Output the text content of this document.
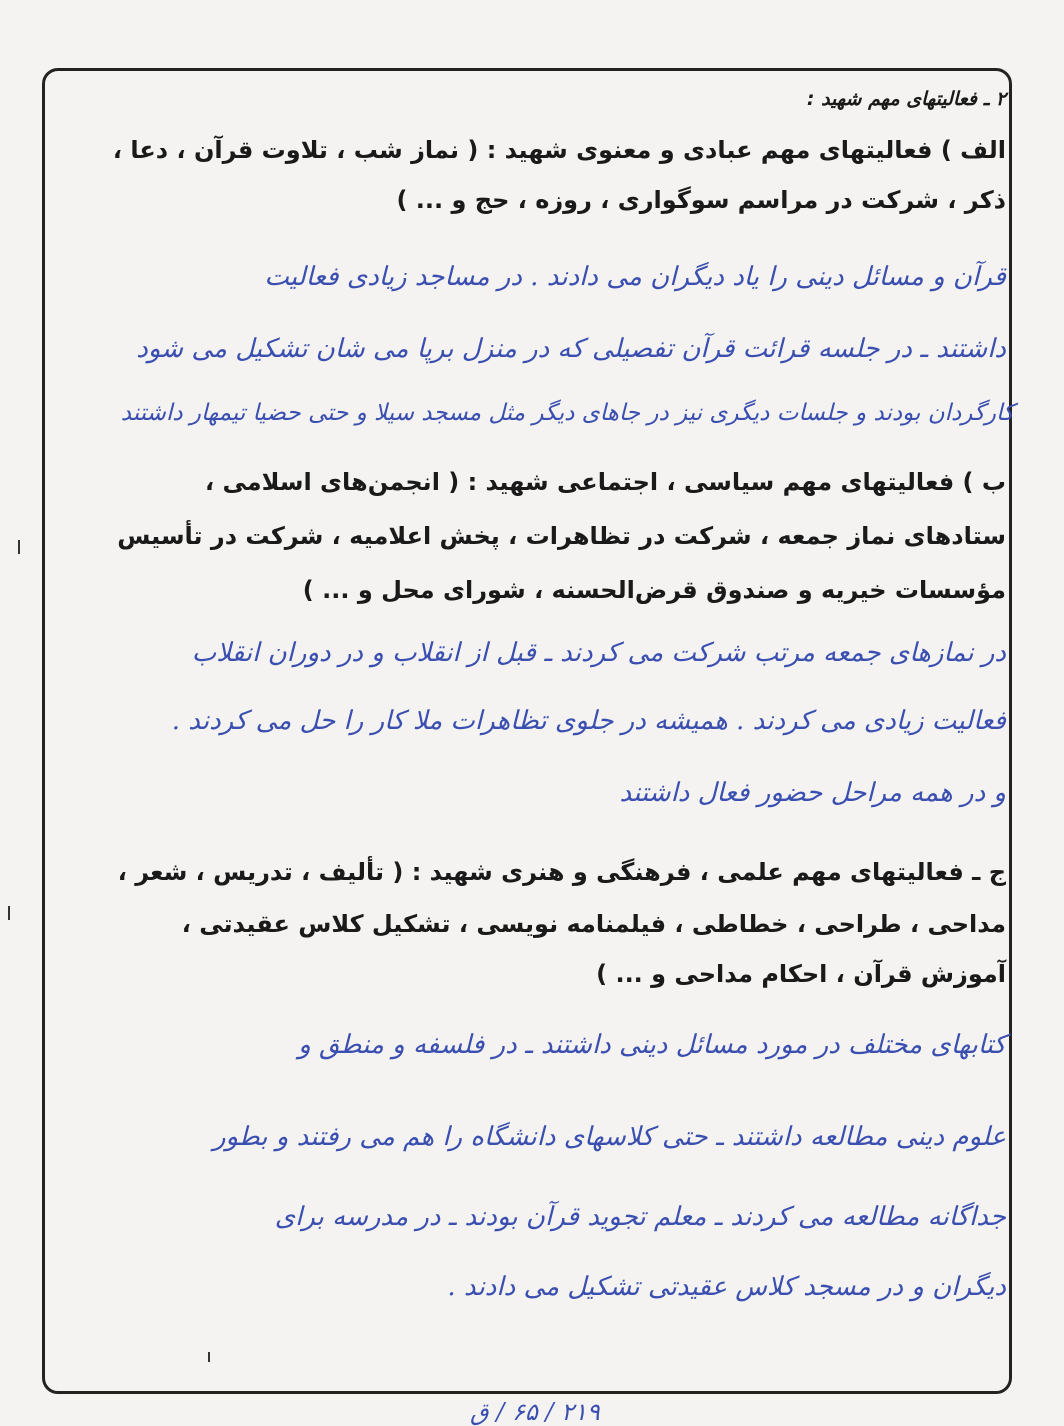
۲ ـ فعالیتهای مهم شهید :

الف ) فعالیتهای مهم عبادی و معنوی شهید : ( نماز شب ، تلاوت قرآن ، دعا ،

ذکر ، شرکت در مراسم سوگواری ، روزه ، حج و ... )

قرآن و مسائل دینی را یاد دیگران می دادند . در مساجد زیادی فعالیت

داشتند ـ در جلسه قرائت قرآن تفصیلی که در منزل برپا می شان تشکیل می شود

کارگردان بودند و جلسات دیگری نیز در جاهای دیگر مثل مسجد سیلا و حتی حضیا تیمهار داشتند

ب ) فعالیتهای مهم سیاسی ، اجتماعی شهید : ( انجمن‌های اسلامی ،

ستادهای نماز جمعه ، شرکت در تظاهرات ، پخش اعلامیه ، شرکت در تأسیس

مؤسسات خیریه و صندوق قرض‌الحسنه ، شورای محل و ... )

در نمازهای جمعه مرتب شرکت می کردند ـ قبل از انقلاب و در دوران انقلاب

فعالیت زیادی می کردند . همیشه در جلوی تظاهرات ملا کار را حل می کردند .

و در همه مراحل حضور فعال داشتند

ج ـ فعالیتهای مهم علمی ، فرهنگی و هنری شهید : ( تألیف ، تدریس ، شعر ،

مداحی ، طراحی ، خطاطی ، فیلمنامه نویسی ، تشکیل کلاس عقیدتی ،

آموزش قرآن ، احکام مداحی و ... )

کتابهای مختلف در مورد مسائل دینی داشتند ـ در فلسفه و منطق و

علوم دینی مطالعه داشتند ـ حتی کلاسهای دانشگاه را هم می رفتند و بطور

جداگانه مطالعه می کردند ـ معلم تجوید قرآن بودند ـ در مدرسه برای

دیگران و در مسجد کلاس عقیدتی تشکیل می دادند .

۲۱۹ / ۶۵ / ق
